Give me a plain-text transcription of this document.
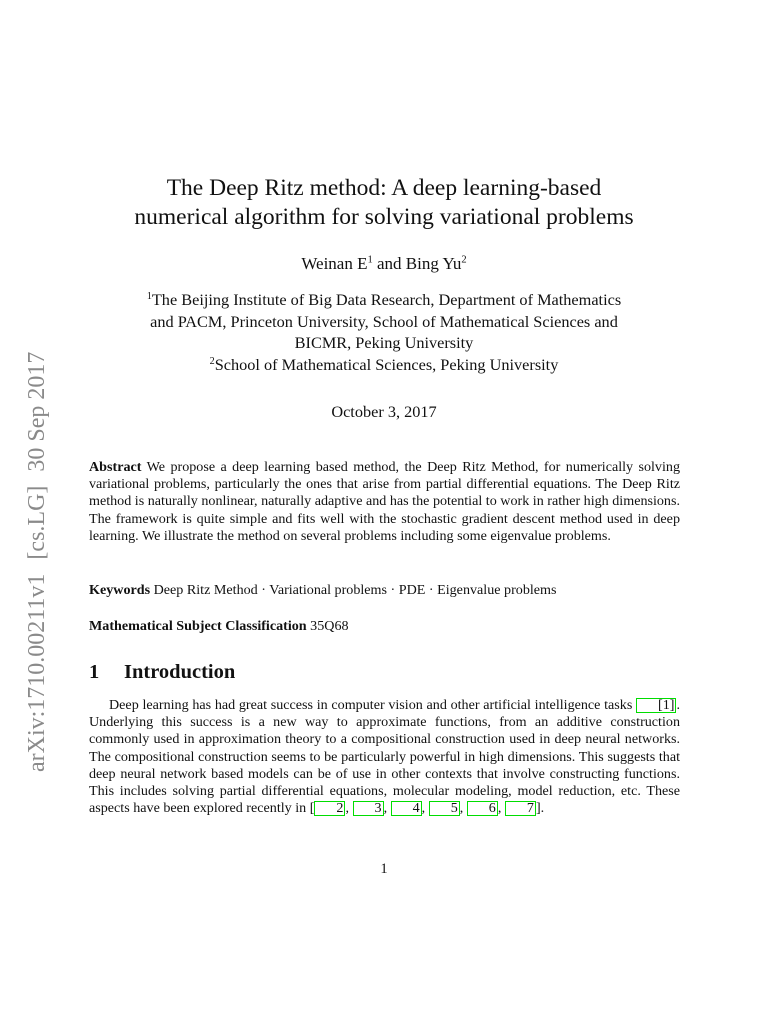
arXiv:1710.00211v1[cs.LG]30 Sep 2017
The Deep Ritz method: A deep learning-based
numerical algorithm for solving variational problems
Weinan $E^1$ and Bing Yu$^2$
$^1$The Beijing Institute of Big Data Research, Department of Mathematics
and PACM, Princeton University, School of Mathematical Sciences and
BICMR, Peking University
$^2$School of Mathematical Sciences, Peking University
October 3, 2017
Abstract We propose a deep learning based method, the Deep Ritz Method, for numerically solving variational problems, particularly the ones that arise from partial differential equations. The Deep Ritz method is naturally nonlinear, naturally adaptive and has the potential to work in rather high dimensions. The framework is quite simple and fits well with the stochastic gradient descent method used in deep learning. We illustrate the method on several problems including some eigenvalue problems.
Keywords Deep Ritz Method · Variational problems · PDE · Eigenvalue problems
Mathematical Subject Classification 35Q68
1 Introduction
Deep learning has had great success in computer vision and other artificial intelligence tasks [1] . Underlying this success is a new way to approximate functions, from an additive construction commonly used in approximation theory to a compositional construction used in deep neural networks. The compositional construction seems to be particularly powerful in high dimensions. This suggests that deep neural network based models can be of use in other contexts that involve constructing functions. This includes solving partial differential equations, molecular modeling, model reduction, etc. These aspects have been explored recently in [ 2 , 3 , 4 , 5 , 6 , 7 ].
1
